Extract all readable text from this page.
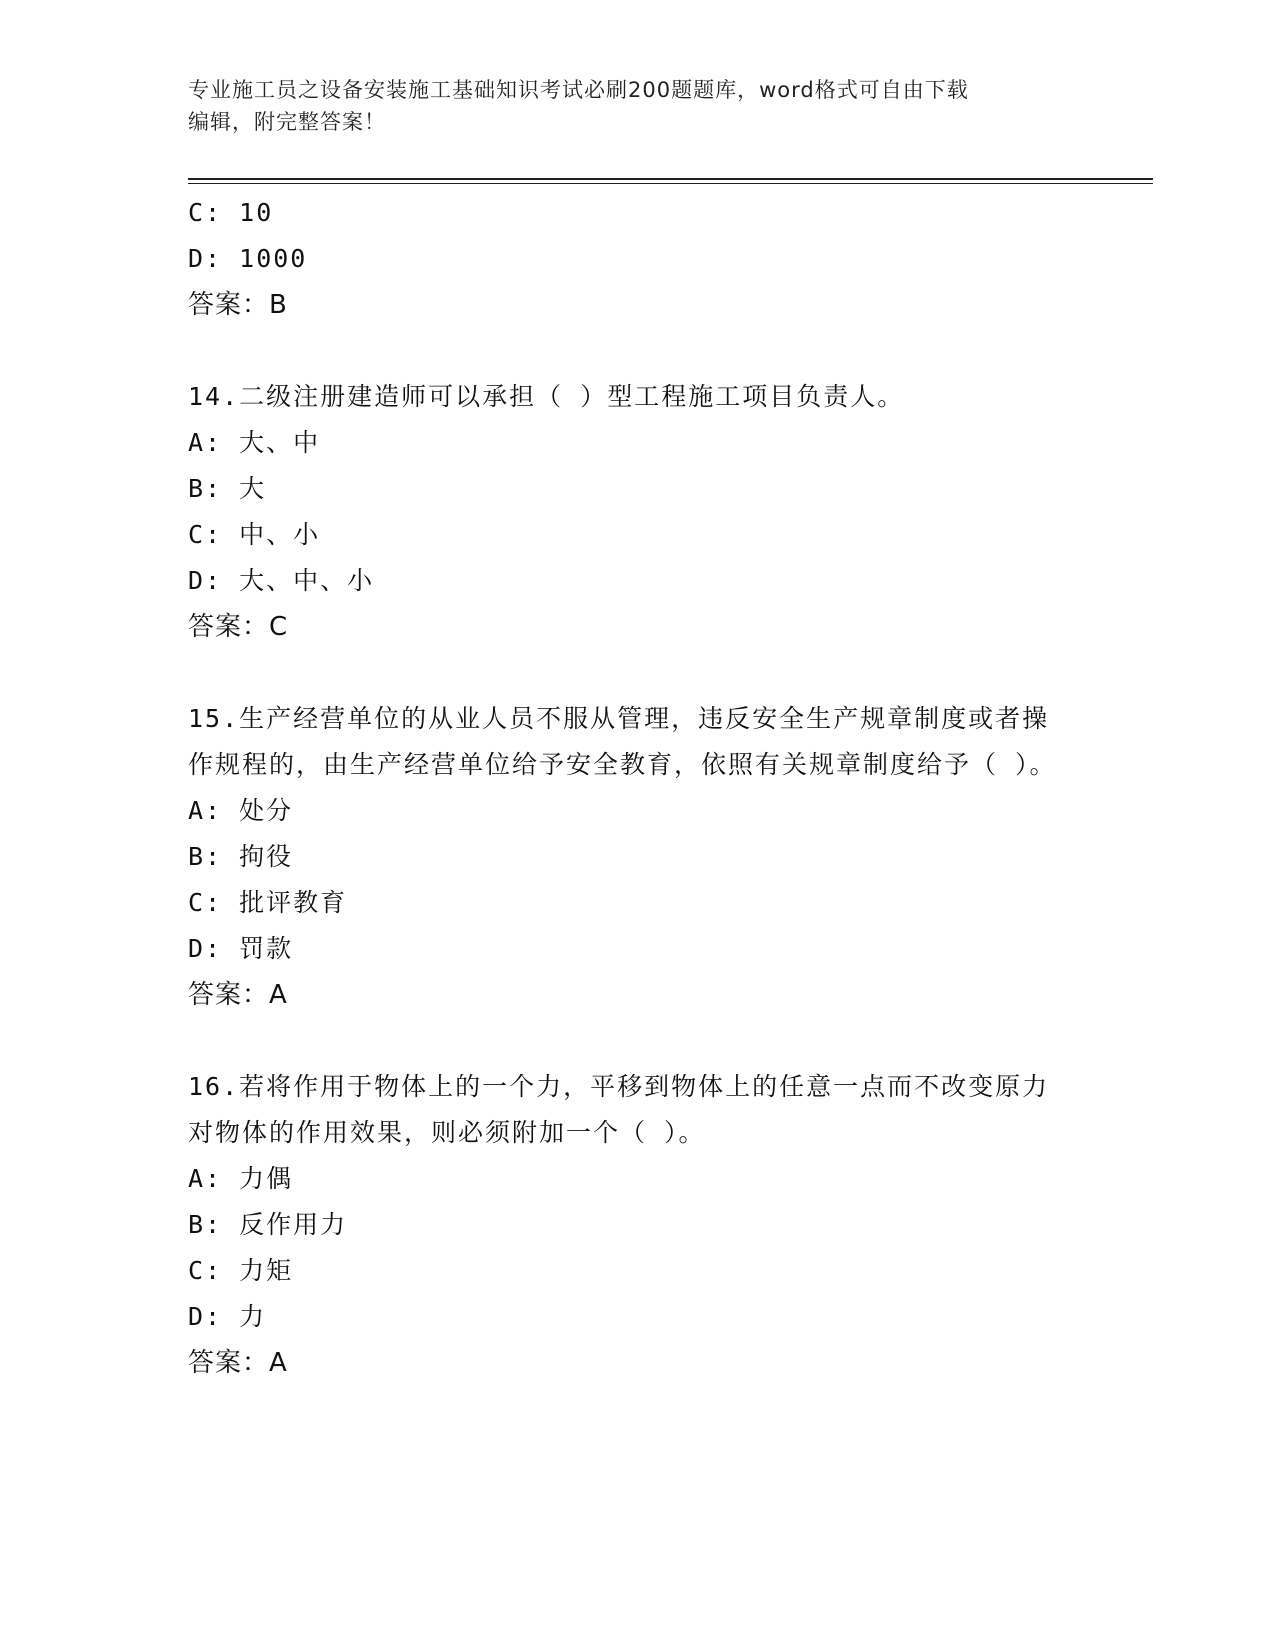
专业施工员之设备安装施工基础知识考试必刷200题题库，word格式可自由下载
编辑，附完整答案！
C: 10
D: 1000
答案：B
14.二级注册建造师可以承担（ ）型工程施工项目负责人。
A: 大、中
B: 大
C: 中、小
D: 大、中、小
答案：C
15.生产经营单位的从业人员不服从管理，违反安全生产规章制度或者操作规程的，由生产经营单位给予安全教育，依照有关规章制度给予（ ）。
A: 处分
B: 拘役
C: 批评教育
D: 罚款
答案：A
16.若将作用于物体上的一个力，平移到物体上的任意一点而不改变原力对物体的作用效果，则必须附加一个（ ）。
A: 力偶
B: 反作用力
C: 力矩
D: 力
答案：A
